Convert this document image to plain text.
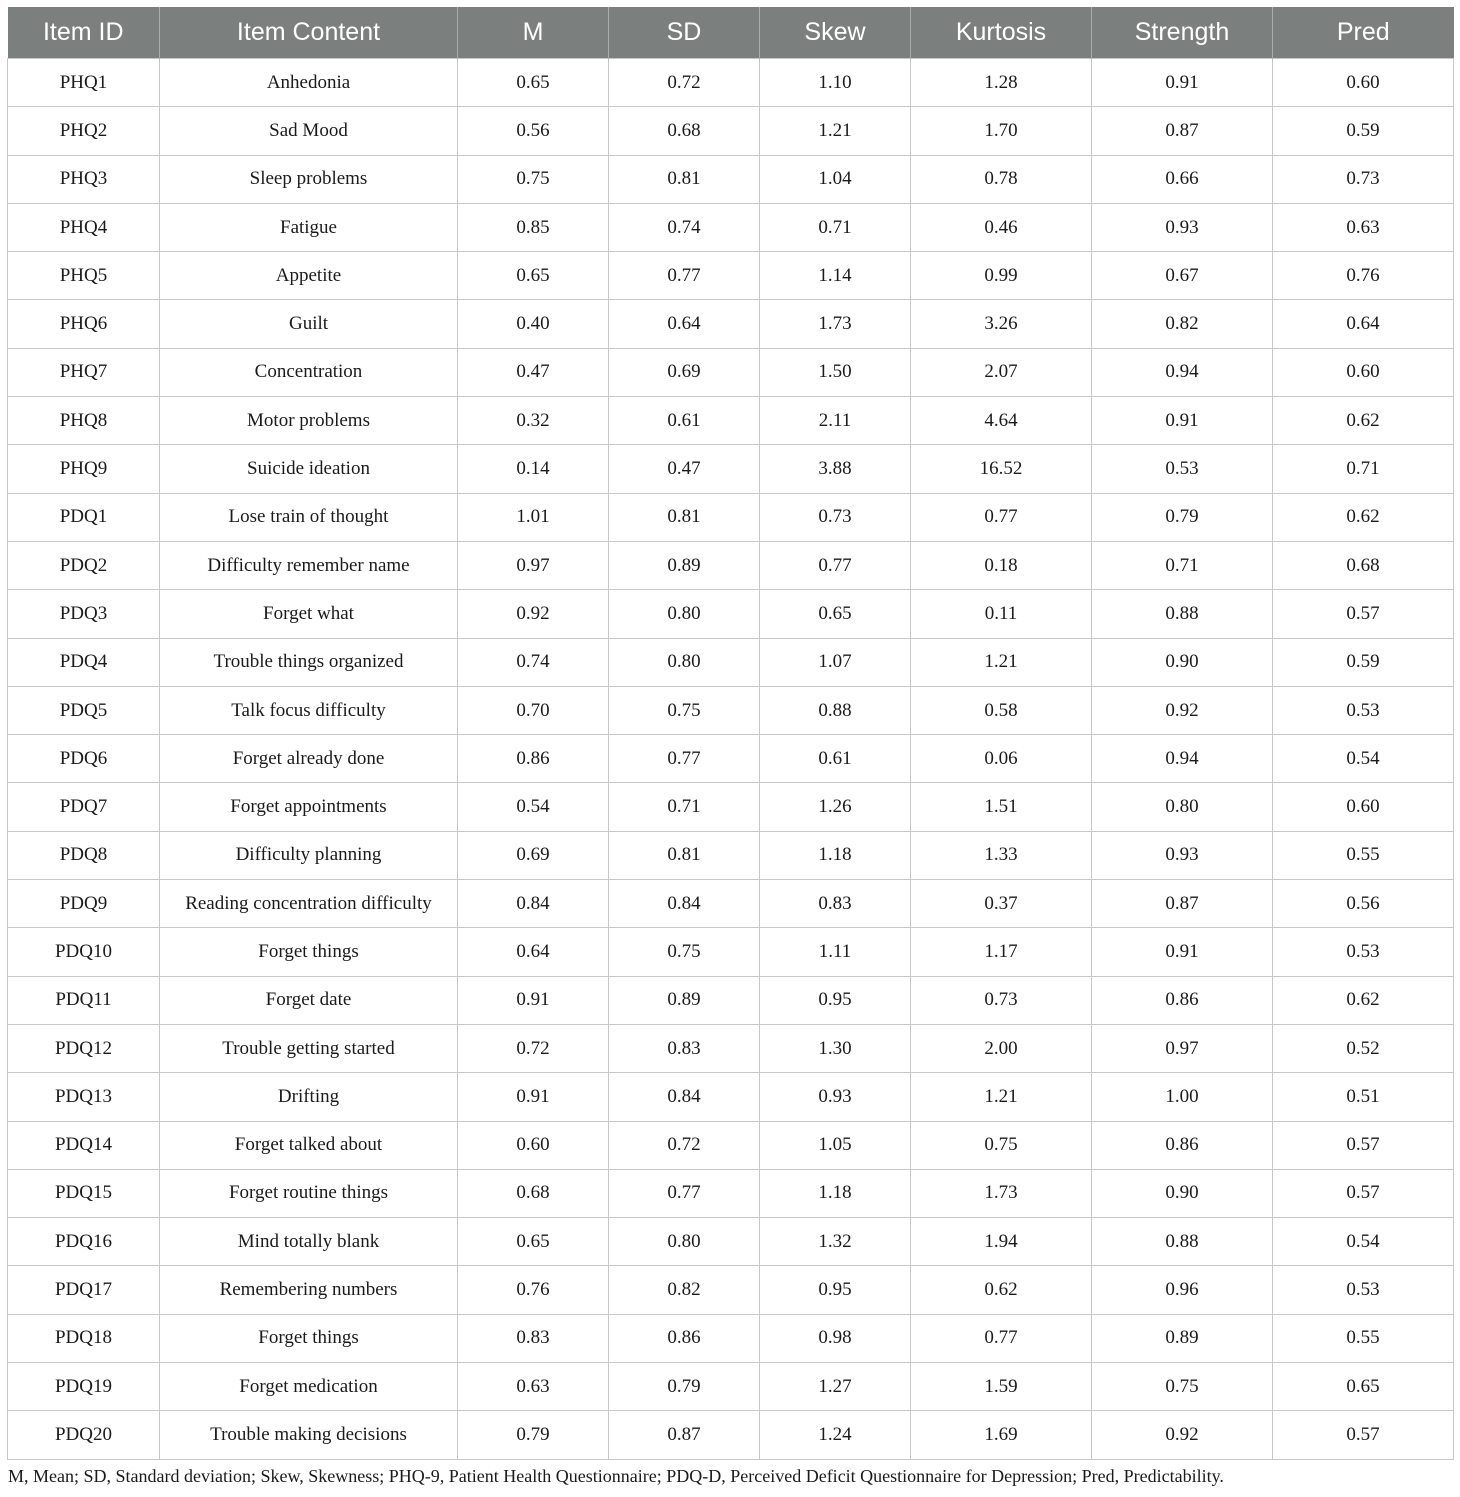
Item ID	Item Content	M	SD	Skew	Kurtosis	Strength	Pred
PHQ1	Anhedonia	0.65	0.72	1.10	1.28	0.91	0.60
PHQ2	Sad Mood	0.56	0.68	1.21	1.70	0.87	0.59
PHQ3	Sleep problems	0.75	0.81	1.04	0.78	0.66	0.73
PHQ4	Fatigue	0.85	0.74	0.71	0.46	0.93	0.63
PHQ5	Appetite	0.65	0.77	1.14	0.99	0.67	0.76
PHQ6	Guilt	0.40	0.64	1.73	3.26	0.82	0.64
PHQ7	Concentration	0.47	0.69	1.50	2.07	0.94	0.60
PHQ8	Motor problems	0.32	0.61	2.11	4.64	0.91	0.62
PHQ9	Suicide ideation	0.14	0.47	3.88	16.52	0.53	0.71
PDQ1	Lose train of thought	1.01	0.81	0.73	0.77	0.79	0.62
PDQ2	Difficulty remember name	0.97	0.89	0.77	0.18	0.71	0.68
PDQ3	Forget what	0.92	0.80	0.65	0.11	0.88	0.57
PDQ4	Trouble things organized	0.74	0.80	1.07	1.21	0.90	0.59
PDQ5	Talk focus difficulty	0.70	0.75	0.88	0.58	0.92	0.53
PDQ6	Forget already done	0.86	0.77	0.61	0.06	0.94	0.54
PDQ7	Forget appointments	0.54	0.71	1.26	1.51	0.80	0.60
PDQ8	Difficulty planning	0.69	0.81	1.18	1.33	0.93	0.55
PDQ9	Reading concentration difficulty	0.84	0.84	0.83	0.37	0.87	0.56
PDQ10	Forget things	0.64	0.75	1.11	1.17	0.91	0.53
PDQ11	Forget date	0.91	0.89	0.95	0.73	0.86	0.62
PDQ12	Trouble getting started	0.72	0.83	1.30	2.00	0.97	0.52
PDQ13	Drifting	0.91	0.84	0.93	1.21	1.00	0.51
PDQ14	Forget talked about	0.60	0.72	1.05	0.75	0.86	0.57
PDQ15	Forget routine things	0.68	0.77	1.18	1.73	0.90	0.57
PDQ16	Mind totally blank	0.65	0.80	1.32	1.94	0.88	0.54
PDQ17	Remembering numbers	0.76	0.82	0.95	0.62	0.96	0.53
PDQ18	Forget things	0.83	0.86	0.98	0.77	0.89	0.55
PDQ19	Forget medication	0.63	0.79	1.27	1.59	0.75	0.65
PDQ20	Trouble making decisions	0.79	0.87	1.24	1.69	0.92	0.57
M, Mean; SD, Standard deviation; Skew, Skewness; PHQ-9, Patient Health Questionnaire; PDQ-D, Perceived Deficit Questionnaire for Depression; Pred, Predictability.
